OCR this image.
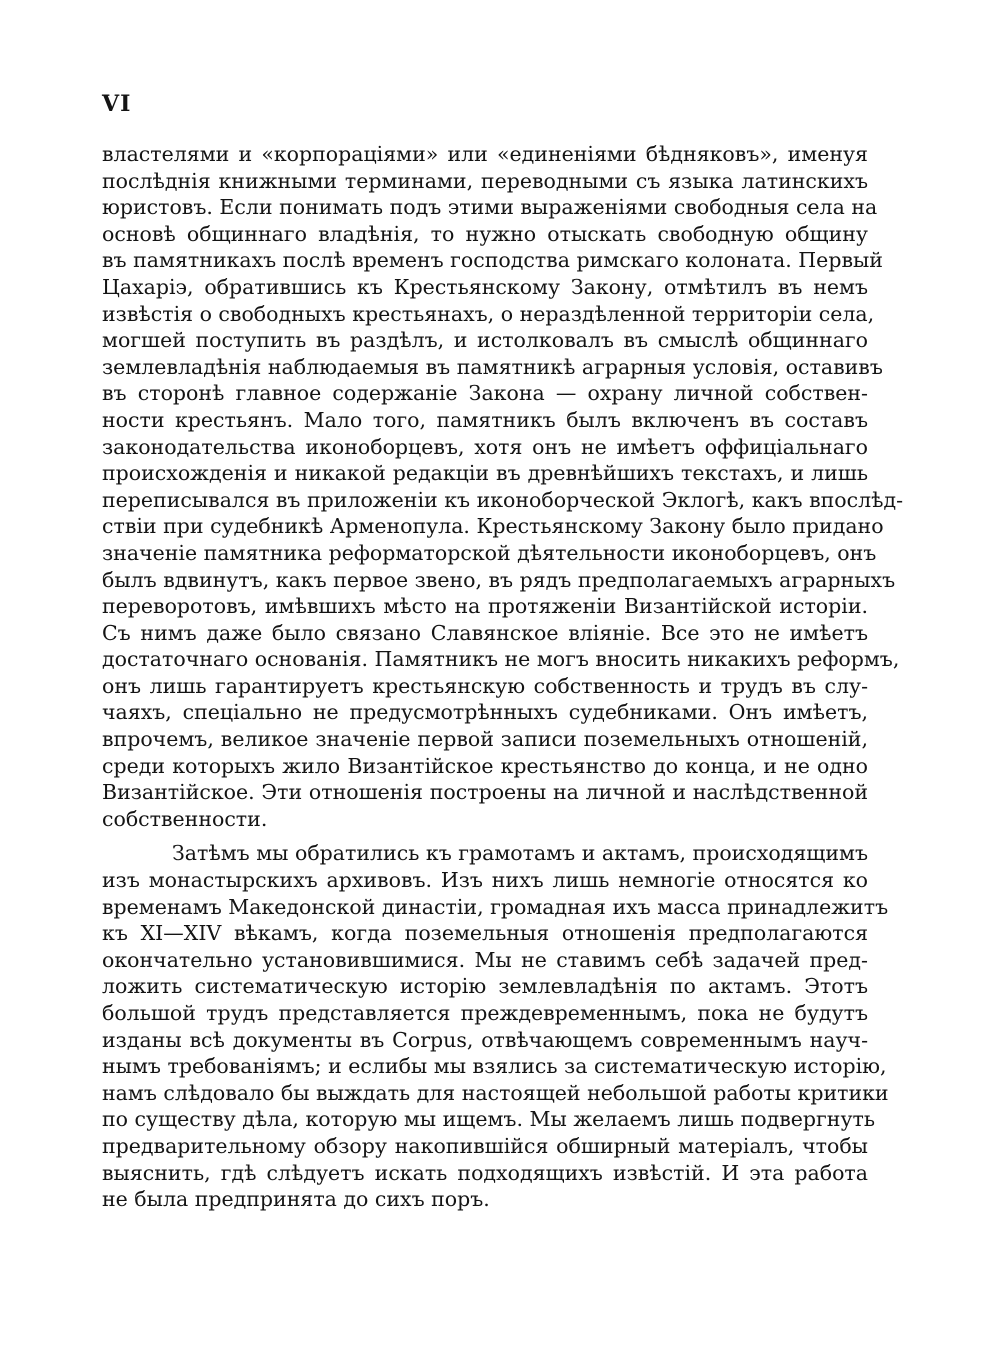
VI
властелями и «корпораціями» или «единеніями бѣдняковъ», именуя
послѣднія книжными терминами, переводными съ языка латинскихъ
юристовъ. Если понимать подъ этими выраженіями свободныя села на
основѣ общиннаго владѣнія, то нужно отыскать свободную общину
въ памятникахъ послѣ временъ господства римскаго колоната. Первый
Цахаріэ, обратившись къ Крестьянскому Закону, отмѣтилъ въ немъ
извѣстія о свободныхъ крестьянахъ, о нераздѣленной территоріи села,
могшей поступить въ раздѣлъ, и истолковалъ въ смыслѣ общиннаго
землевладѣнія наблюдаемыя въ памятникѣ аграрныя условія, оставивъ
въ сторонѣ главное содержаніе Закона — охрану личной собствен-
ности крестьянъ. Мало того, памятникъ былъ включенъ въ составъ
законодательства иконоборцевъ, хотя онъ не имѣетъ оффиціальнаго
происхожденія и никакой редакціи въ древнѣйшихъ текстахъ, и лишь
переписывался въ приложеніи къ иконоборческой Эклогѣ, какъ впослѣд-
ствіи при судебникѣ Арменопула. Крестьянскому Закону было придано
значеніе памятника реформаторской дѣятельности иконоборцевъ, онъ
былъ вдвинутъ, какъ первое звено, въ рядъ предполагаемыхъ аграрныхъ
переворотовъ, имѣвшихъ мѣсто на протяженіи Византійской исторіи.
Съ нимъ даже было связано Славянское вліяніе. Все это не имѣетъ
достаточнаго основанія. Памятникъ не могъ вносить никакихъ реформъ,
онъ лишь гарантируетъ крестьянскую собственность и трудъ въ слу-
чаяхъ, спеціально не предусмотрѣнныхъ судебниками. Онъ имѣетъ,
впрочемъ, великое значеніе первой записи поземельныхъ отношеній,
среди которыхъ жило Византійское крестьянство до конца, и не одно
Византійское. Эти отношенія построены на личной и наслѣдственной
собственности.
Затѣмъ мы обратились къ грамотамъ и актамъ, происходящимъ
изъ монастырскихъ архивовъ. Изъ нихъ лишь немногіе относятся ко
временамъ Македонской династіи, громадная ихъ масса принадлежитъ
къ XI—XIV вѣкамъ, когда поземельныя отношенія предполагаются
окончательно установившимися. Мы не ставимъ себѣ задачей пред-
ложить систематическую исторію землевладѣнія по актамъ. Этотъ
большой трудъ представляется преждевременнымъ, пока не будутъ
изданы всѣ документы въ Corpus, отвѣчающемъ современнымъ науч-
нымъ требованіямъ; и еслибы мы взялись за систематическую исторію,
намъ слѣдовало бы выждать для настоящей небольшой работы критики
по существу дѣла, которую мы ищемъ. Мы желаемъ лишь подвергнуть
предварительному обзору накопившійся обширный матеріалъ, чтобы
выяснить, гдѣ слѣдуетъ искать подходящихъ извѣстій. И эта работа
не была предпринята до сихъ поръ.
